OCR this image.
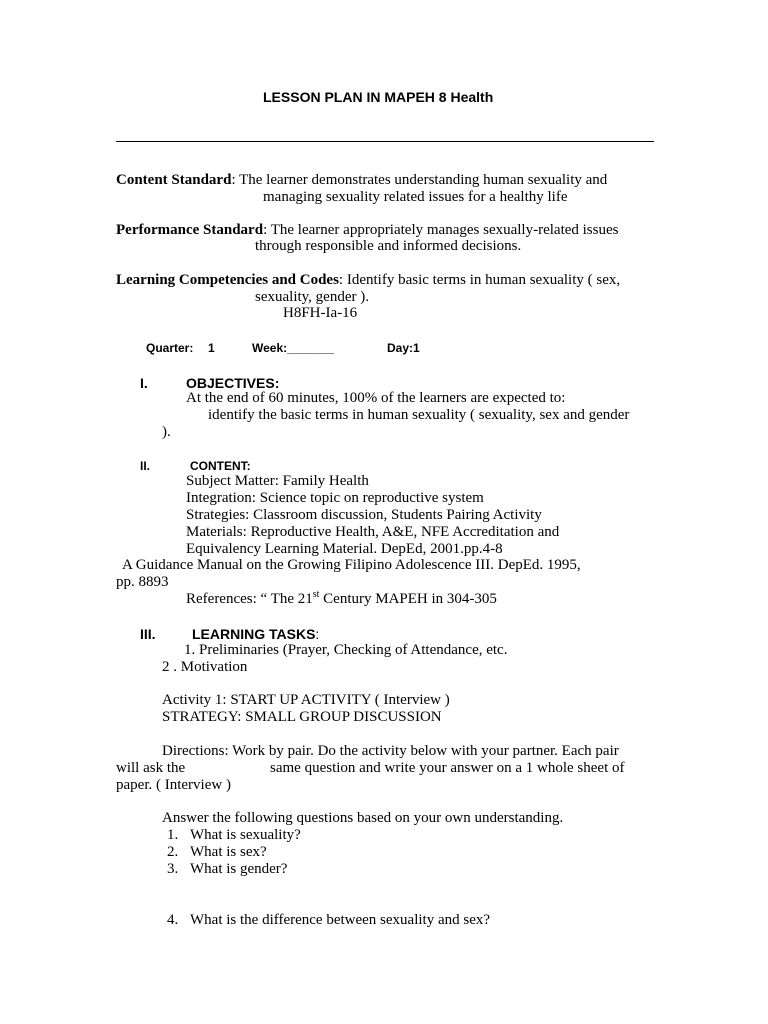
LESSON PLAN IN MAPEH 8 Health
Content Standard: The learner demonstrates understanding human sexuality and
managing sexuality related issues for a healthy life
Performance Standard: The learner appropriately manages sexually-related issues
through responsible and informed decisions.
Learning Competencies and Codes: Identify basic terms in human sexuality ( sex,
sexuality, gender ).
H8FH-Ia-16
Quarter: 1	Week:_______	Day:1
I.	OBJECTIVES:
At the end of 60 minutes, 100% of the learners are expected to:
identify the basic terms in human sexuality ( sexuality, sex and gender
).
II.	CONTENT:
Subject Matter: Family Health
Integration: Science topic on reproductive system
Strategies: Classroom discussion, Students Pairing Activity
Materials: Reproductive Health, A&E, NFE Accreditation and
Equivalency Learning Material. DepEd, 2001.pp.4-8
A Guidance Manual on the Growing Filipino Adolescence III. DepEd. 1995,
pp. 8893
References: “ The 21st Century MAPEH in 304-305
III.	LEARNING TASKS:
1. Preliminaries (Prayer, Checking of Attendance, etc.
2 . Motivation
Activity 1: START UP ACTIVITY ( Interview )
STRATEGY: SMALL GROUP DISCUSSION
Directions: Work by pair. Do the activity below with your partner. Each pair
will ask the	same question and write your answer on a 1 whole sheet of
paper. ( Interview )
Answer the following questions based on your own understanding.
1. What is sexuality?
2. What is sex?
3. What is gender?
4. What is the difference between sexuality and sex?
